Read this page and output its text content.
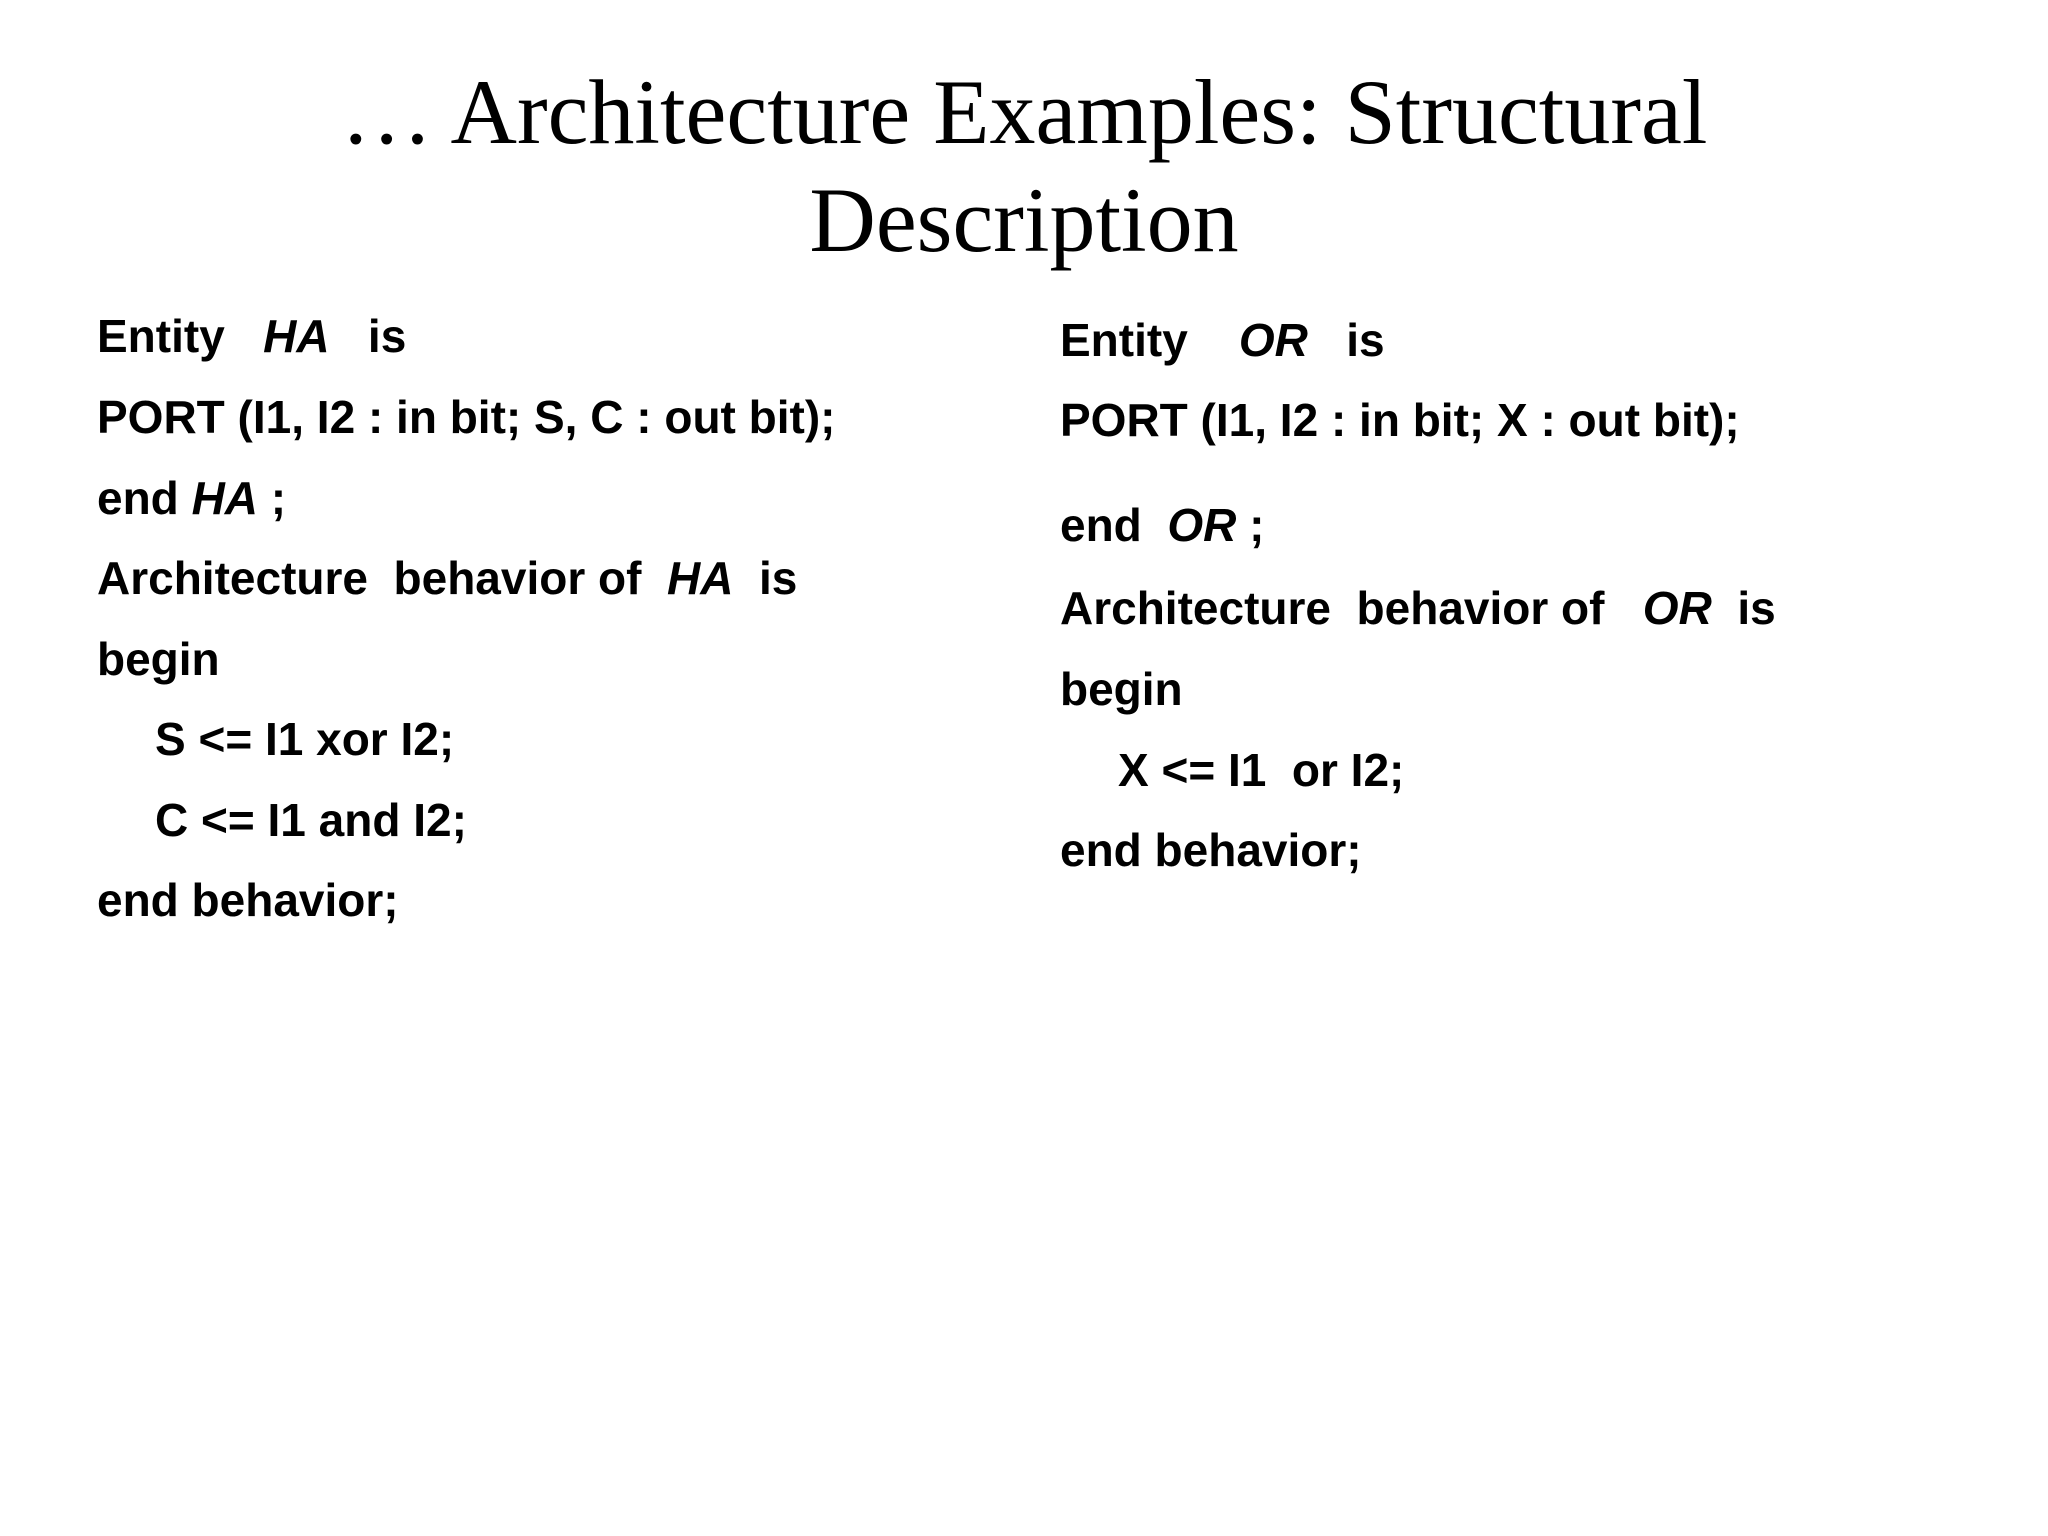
… Architecture Examples: Structural
Description

Entity   HA   is

PORT (I1, I2 : in bit; S, C : out bit);

end HA ;

Architecture  behavior of  HA  is

begin

S <= I1 xor I2;

C <= I1 and I2;

end behavior;

Entity    OR   is

PORT (I1, I2 : in bit; X : out bit);

end  OR ;

Architecture  behavior of   OR  is

begin

X <= I1  or I2;

end behavior;
